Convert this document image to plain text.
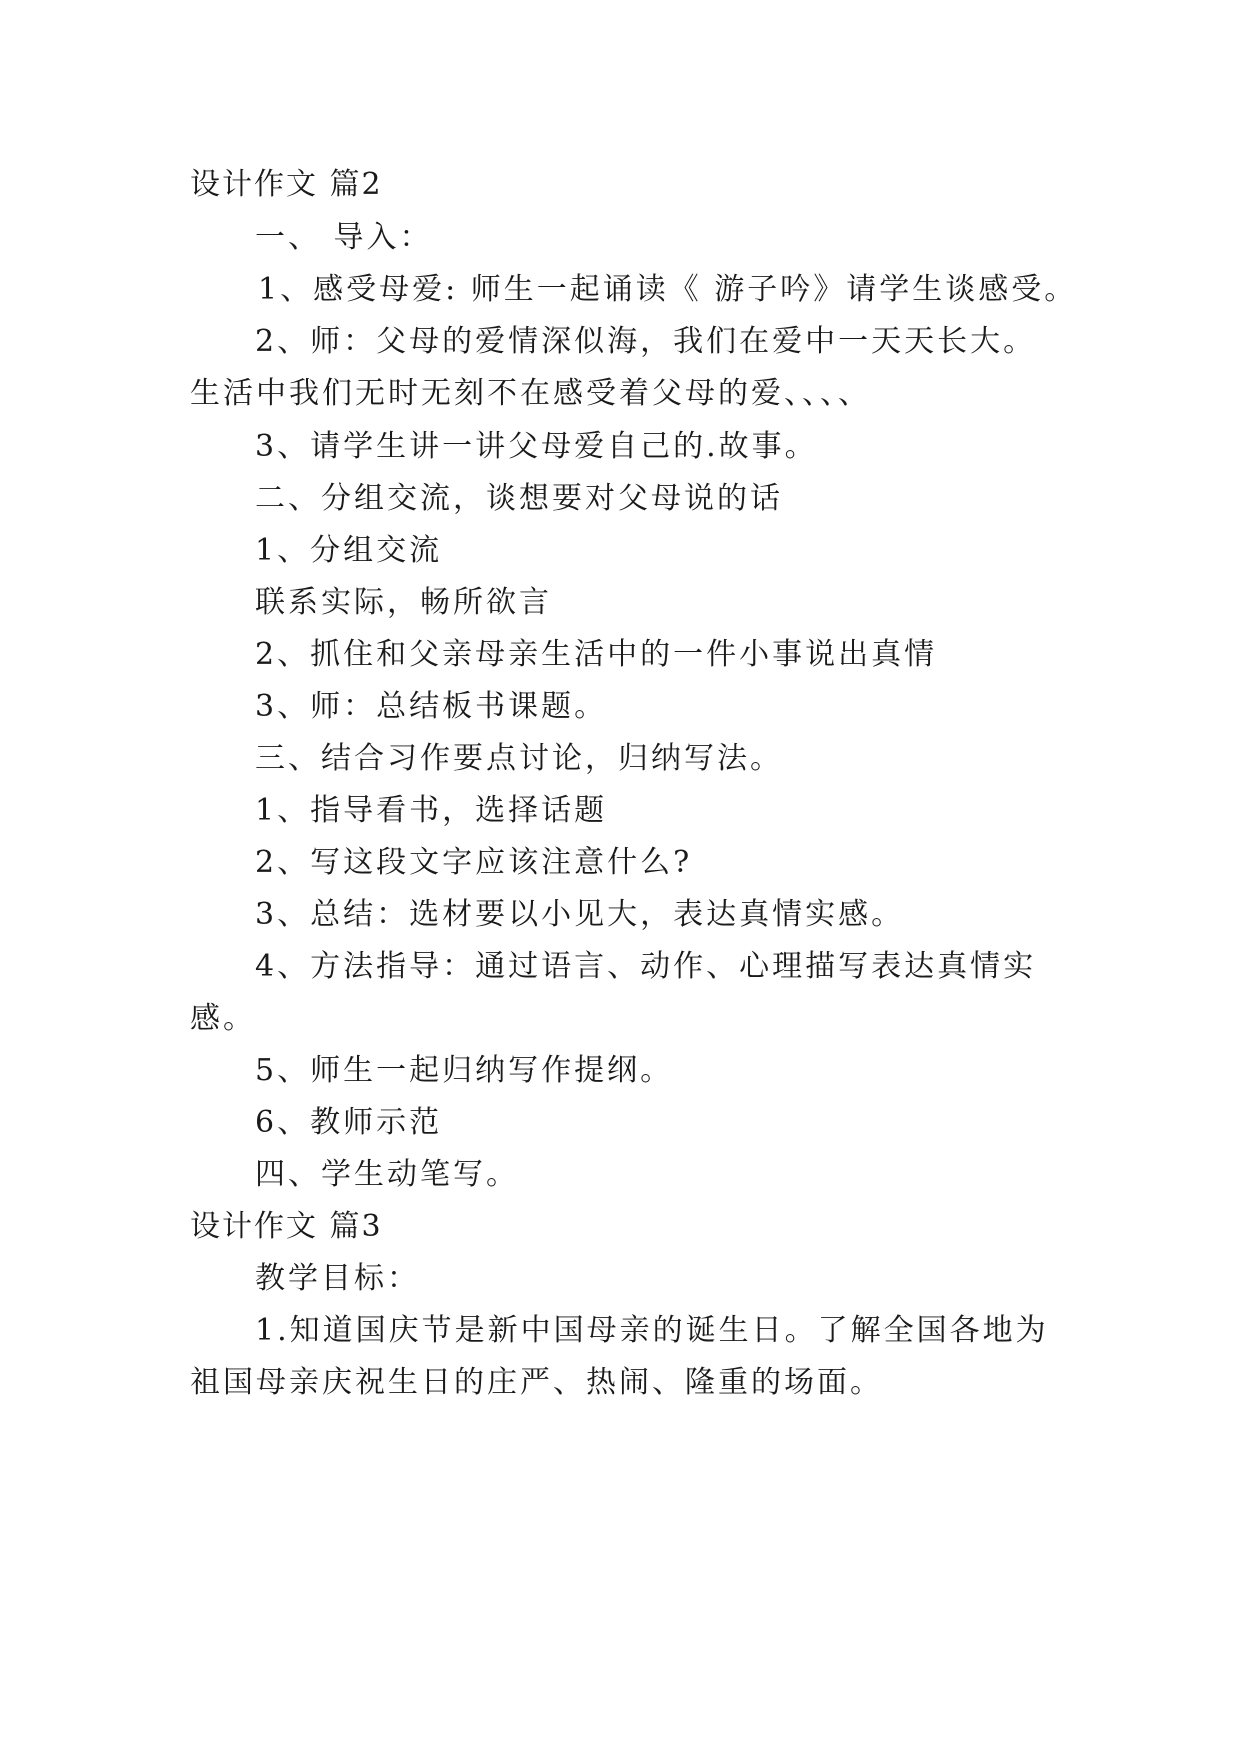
设计作文 篇2
一、 导入：
1、感受母爱: 师生一起诵读《 游子吟》请学生谈感受。
2、师：父母的爱情深似海，我们在爱中一天天长大。
生活中我们无时无刻不在感受着父母的爱、、、、
3、请学生讲一讲父母爱自己的.故事。
二、分组交流，谈想要对父母说的话
1、分组交流
联系实际，畅所欲言
2、抓住和父亲母亲生活中的一件小事说出真情
3、师：总结板书课题。
三、结合习作要点讨论，归纳写法。
1、指导看书，选择话题
2、写这段文字应该注意什么?
3、总结：选材要以小见大，表达真情实感。
4、方法指导：通过语言、动作、心理描写表达真情实
感。
5、师生一起归纳写作提纲。
6、教师示范
四、学生动笔写。
设计作文 篇3
教学目标：
1.知道国庆节是新中国母亲的诞生日。了解全国各地为
祖国母亲庆祝生日的庄严、热闹、隆重的场面。
